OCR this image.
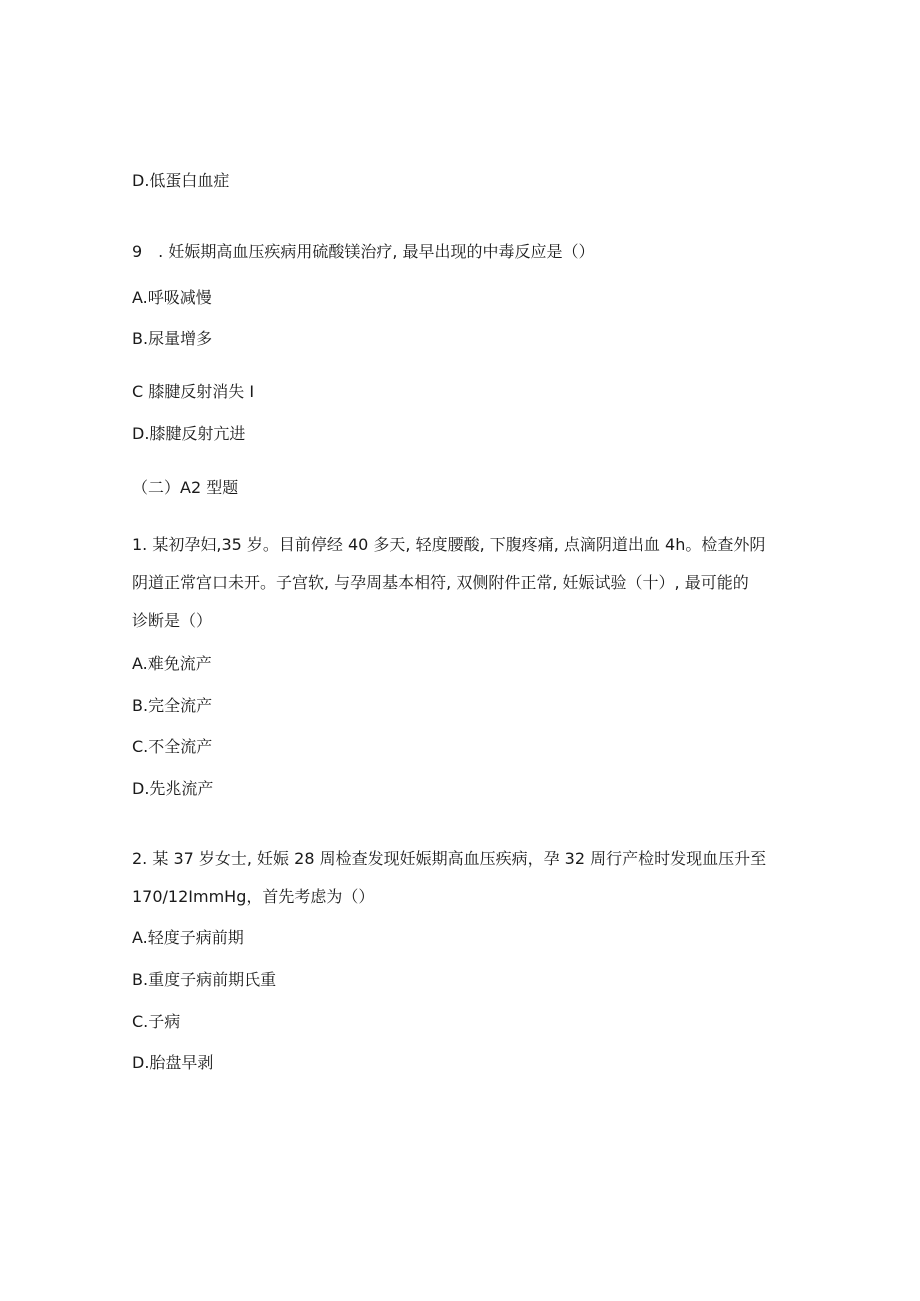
D.低蛋白血症
9　. 妊娠期高血压疾病用硫酸镁治疗, 最早出现的中毒反应是（）
A.呼吸减慢
B.尿量增多
C 膝腱反射消失 I
D.膝腱反射亢进
（二）A2 型题
1. 某初孕妇,35 岁。目前停经 40 多天, 轻度腰酸, 下腹疼痛, 点滴阴道出血 4h。检查外阴
阴道正常宫口未开。子宫软, 与孕周基本相符, 双侧附件正常, 妊娠试验（十）, 最可能的
诊断是（）
A.难免流产
B.完全流产
C.不全流产
D.先兆流产
2. 某 37 岁女士, 妊娠 28 周检查发现妊娠期高血压疾病，孕 32 周行产检时发现血压升至
170/12ImmHg，首先考虑为（）
A.轻度子病前期
B.重度子病前期氏重
C.子病
D.胎盘早剥
